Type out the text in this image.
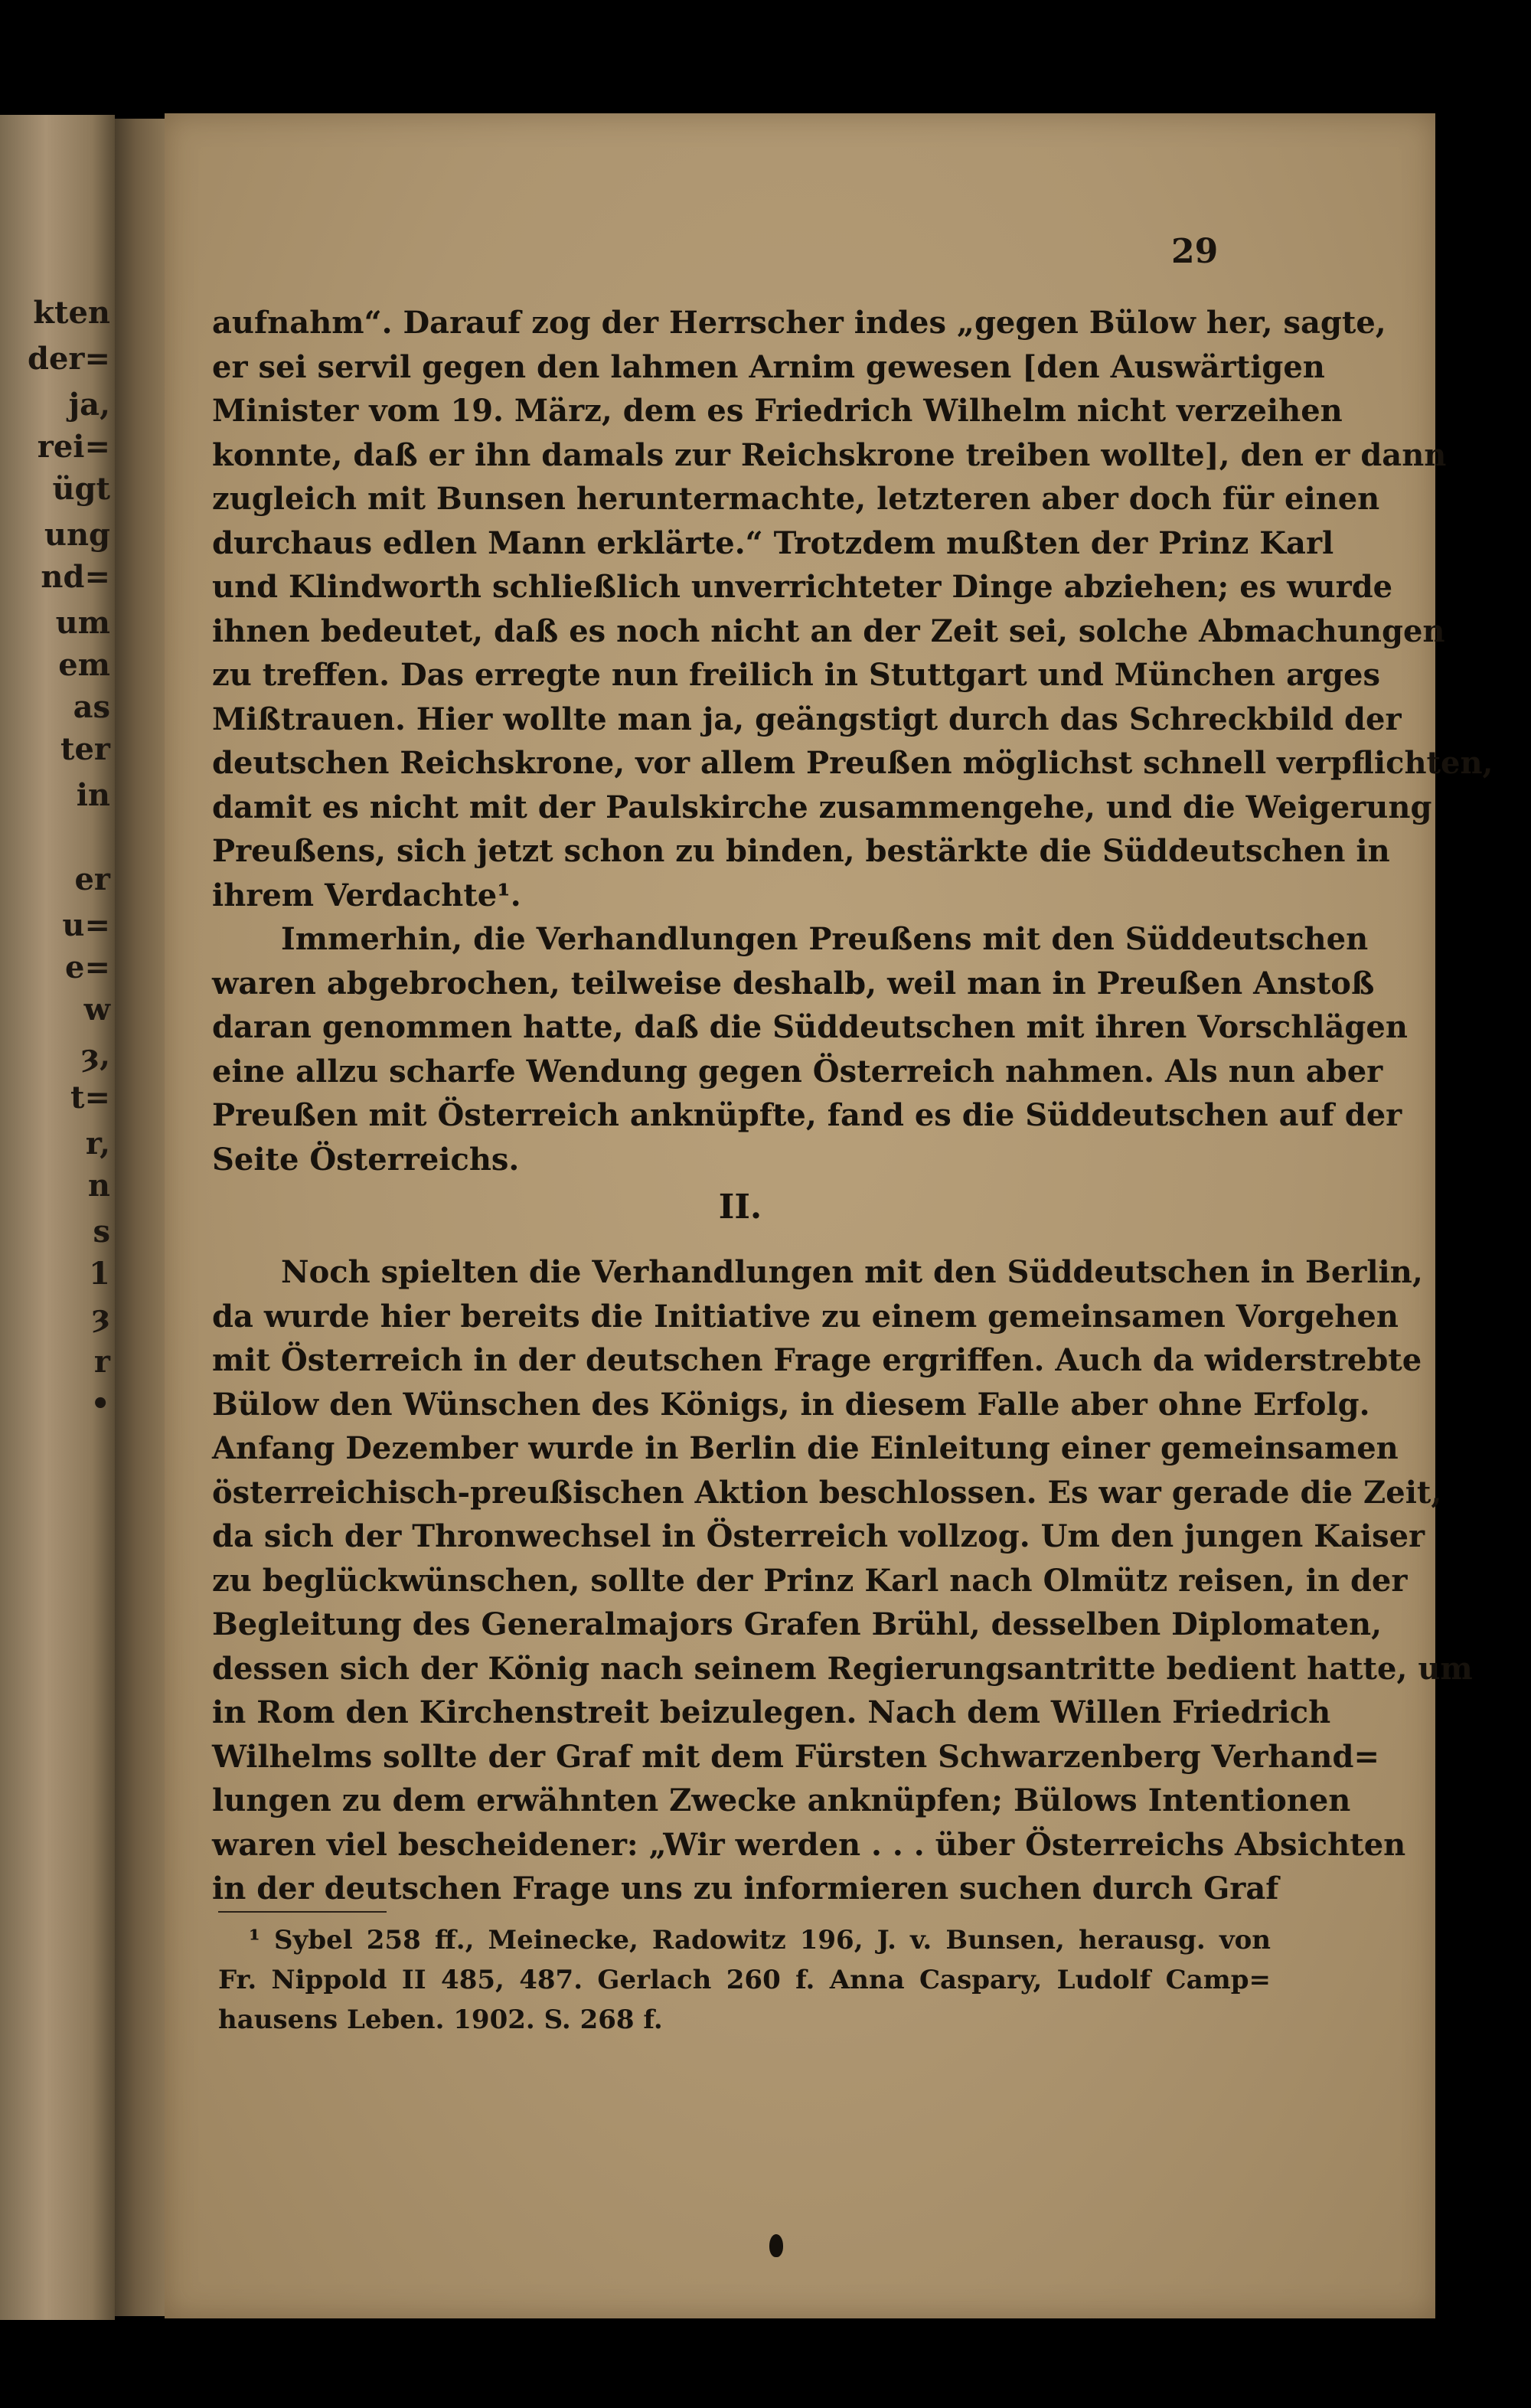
kten
der=
ja,
rei=
ügt
ung
nd=
um
em
as
ter
in
er
u=
e=
w
ȝ,
t=
r,
n
s
1
ȝ
r
•
29
aufnahm“. Darauf zog der Herrscher indes „gegen Bülow her, sagte,
er sei servil gegen den lahmen Arnim gewesen [den Auswärtigen
Minister vom 19. März, dem es Friedrich Wilhelm nicht verzeihen
konnte, daß er ihn damals zur Reichskrone treiben wollte], den er dann
zugleich mit Bunsen heruntermachte, letzteren aber doch für einen
durchaus edlen Mann erklärte.“ Trotzdem mußten der Prinz Karl
und Klindworth schließlich unverrichteter Dinge abziehen; es wurde
ihnen bedeutet, daß es noch nicht an der Zeit sei, solche Abmachungen
zu treffen. Das erregte nun freilich in Stuttgart und München arges
Mißtrauen. Hier wollte man ja, geängstigt durch das Schreckbild der
deutschen Reichskrone, vor allem Preußen möglichst schnell verpflichten,
damit es nicht mit der Paulskirche zusammengehe, und die Weigerung
Preußens, sich jetzt schon zu binden, bestärkte die Süddeutschen in
ihrem Verdachte¹.
Immerhin, die Verhandlungen Preußens mit den Süddeutschen
waren abgebrochen, teilweise deshalb, weil man in Preußen Anstoß
daran genommen hatte, daß die Süddeutschen mit ihren Vorschlägen
eine allzu scharfe Wendung gegen Österreich nahmen. Als nun aber
Preußen mit Österreich anknüpfte, fand es die Süddeutschen auf der
Seite Österreichs.
II.
Noch spielten die Verhandlungen mit den Süddeutschen in Berlin,
da wurde hier bereits die Initiative zu einem gemeinsamen Vorgehen
mit Österreich in der deutschen Frage ergriffen. Auch da widerstrebte
Bülow den Wünschen des Königs, in diesem Falle aber ohne Erfolg.
Anfang Dezember wurde in Berlin die Einleitung einer gemeinsamen
österreichisch-preußischen Aktion beschlossen. Es war gerade die Zeit,
da sich der Thronwechsel in Österreich vollzog. Um den jungen Kaiser
zu beglückwünschen, sollte der Prinz Karl nach Olmütz reisen, in der
Begleitung des Generalmajors Grafen Brühl, desselben Diplomaten,
dessen sich der König nach seinem Regierungsantritte bedient hatte, um
in Rom den Kirchenstreit beizulegen. Nach dem Willen Friedrich
Wilhelms sollte der Graf mit dem Fürsten Schwarzenberg Verhand=
lungen zu dem erwähnten Zwecke anknüpfen; Bülows Intentionen
waren viel bescheidener: „Wir werden . . . über Österreichs Absichten
in der deutschen Frage uns zu informieren suchen durch Graf
¹ Sybel 258 ff., Meinecke, Radowitz 196, J. v. Bunsen, herausg. von
Fr. Nippold II 485, 487. Gerlach 260 f. Anna Caspary, Ludolf Camp=
hausens Leben. 1902. S. 268 f.
